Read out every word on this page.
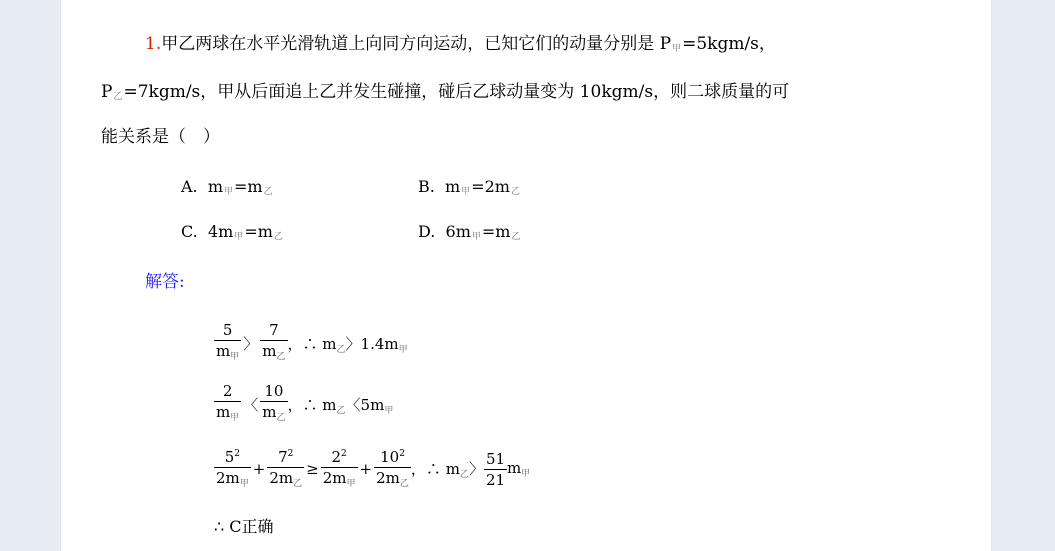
1.甲乙两球在水平光滑轨道上向同方向运动，已知它们的动量分别是 $P_甲=5kgm/s$，
$P_乙=7kgm/s$，甲从后面追上乙并发生碰撞，碰后乙球动量变为 10kgm/s，则二球质量的可
能关系是（　）
A. $m_甲=m_乙$	B. $m_甲=2m_乙$
C. $4m_甲=m_乙$	D. $6m_甲=m_乙$
解答:
$\frac{5}{m_甲}$ 〉 $\frac{7}{m_乙}$ ，∴ $m_乙$〉$1.4m_甲$
$\frac{2}{m_甲}$ 〈 $\frac{10}{m_乙}$ ，∴ $m_乙$〈$5m_甲$
$\frac{5^2}{2m_甲} + \frac{7^2}{2m_乙} \ge \frac{2^2}{2m_甲} + \frac{10^2}{2m_乙}$ ，∴ $m_乙$〉 $\frac{51}{21} m_甲$
∴ C正确
